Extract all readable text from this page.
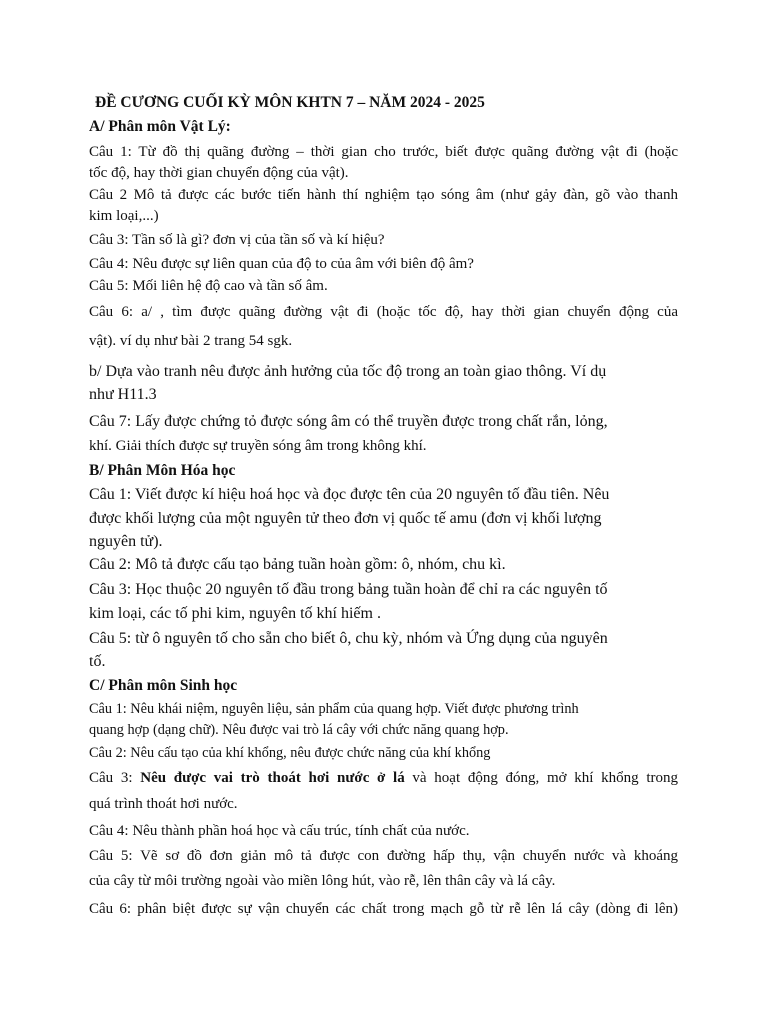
ĐỀ CƯƠNG CUỐI KỲ MÔN KHTN 7 – NĂM 2024 - 2025
A/ Phân môn Vật Lý:
Câu 1: Từ đồ thị quãng đường – thời gian cho trước, biết được quãng đường vật đi (hoặc
tốc độ, hay thời gian chuyển động của vật).
Câu 2 Mô tả được các bước tiến hành thí nghiệm tạo sóng âm (như gảy đàn, gõ vào thanh
kim loại,...)
Câu 3: Tần số là gì? đơn vị của tần số và kí hiệu?
Câu 4: Nêu được sự liên quan của độ to của âm với biên độ âm?
Câu 5: Mối liên hệ độ cao và tần số âm.
Câu 6: a/ , tìm được quãng đường vật đi (hoặc tốc độ, hay thời gian chuyển động của
vật). ví dụ như bài 2 trang 54 sgk.
b/ Dựa vào tranh nêu được ảnh hưởng của tốc độ trong an toàn giao thông. Ví dụ
như H11.3
Câu 7: Lấy được chứng tỏ được sóng âm có thể truyền được trong chất rắn, lỏng,
khí. Giải thích được sự truyền sóng âm trong không khí.
B/ Phân Môn Hóa học
Câu 1: Viết được kí hiệu hoá học và đọc được tên của 20 nguyên tố đầu tiên. Nêu
được khối lượng của một nguyên tử theo đơn vị quốc tế amu (đơn vị khối lượng
nguyên tử).
Câu 2: Mô tả được cấu tạo bảng tuần hoàn gồm: ô, nhóm, chu kì.
Câu 3: Học thuộc 20 nguyên tố đầu trong bảng tuần hoàn để chỉ ra các nguyên tố
kim loại, các tố phi kim, nguyên tố khí hiếm .
Câu 5: từ ô nguyên tố cho sẵn cho biết ô, chu kỳ, nhóm và Ứng dụng của nguyên
tố.
C/ Phân môn Sinh học
Câu 1: Nêu khái niệm, nguyên liệu, sản phẩm của quang hợp. Viết được phương trình
quang hợp (dạng chữ). Nêu được vai trò lá cây với chức năng quang hợp.
Câu 2: Nêu cấu tạo của khí khổng, nêu được chức năng của khí khổng
Câu 3: Nêu được vai trò thoát hơi nước ở lá và hoạt động đóng, mở khí khổng trong
quá trình thoát hơi nước.
Câu 4: Nêu thành phần hoá học và cấu trúc, tính chất của nước.
Câu 5: Vẽ sơ đồ đơn giản mô tả được con đường hấp thụ, vận chuyển nước và khoáng
của cây từ môi trường ngoài vào miền lông hút, vào rễ, lên thân cây và lá cây.
Câu 6: phân biệt được sự vận chuyển các chất trong mạch gỗ từ rễ lên lá cây (dòng đi lên)
